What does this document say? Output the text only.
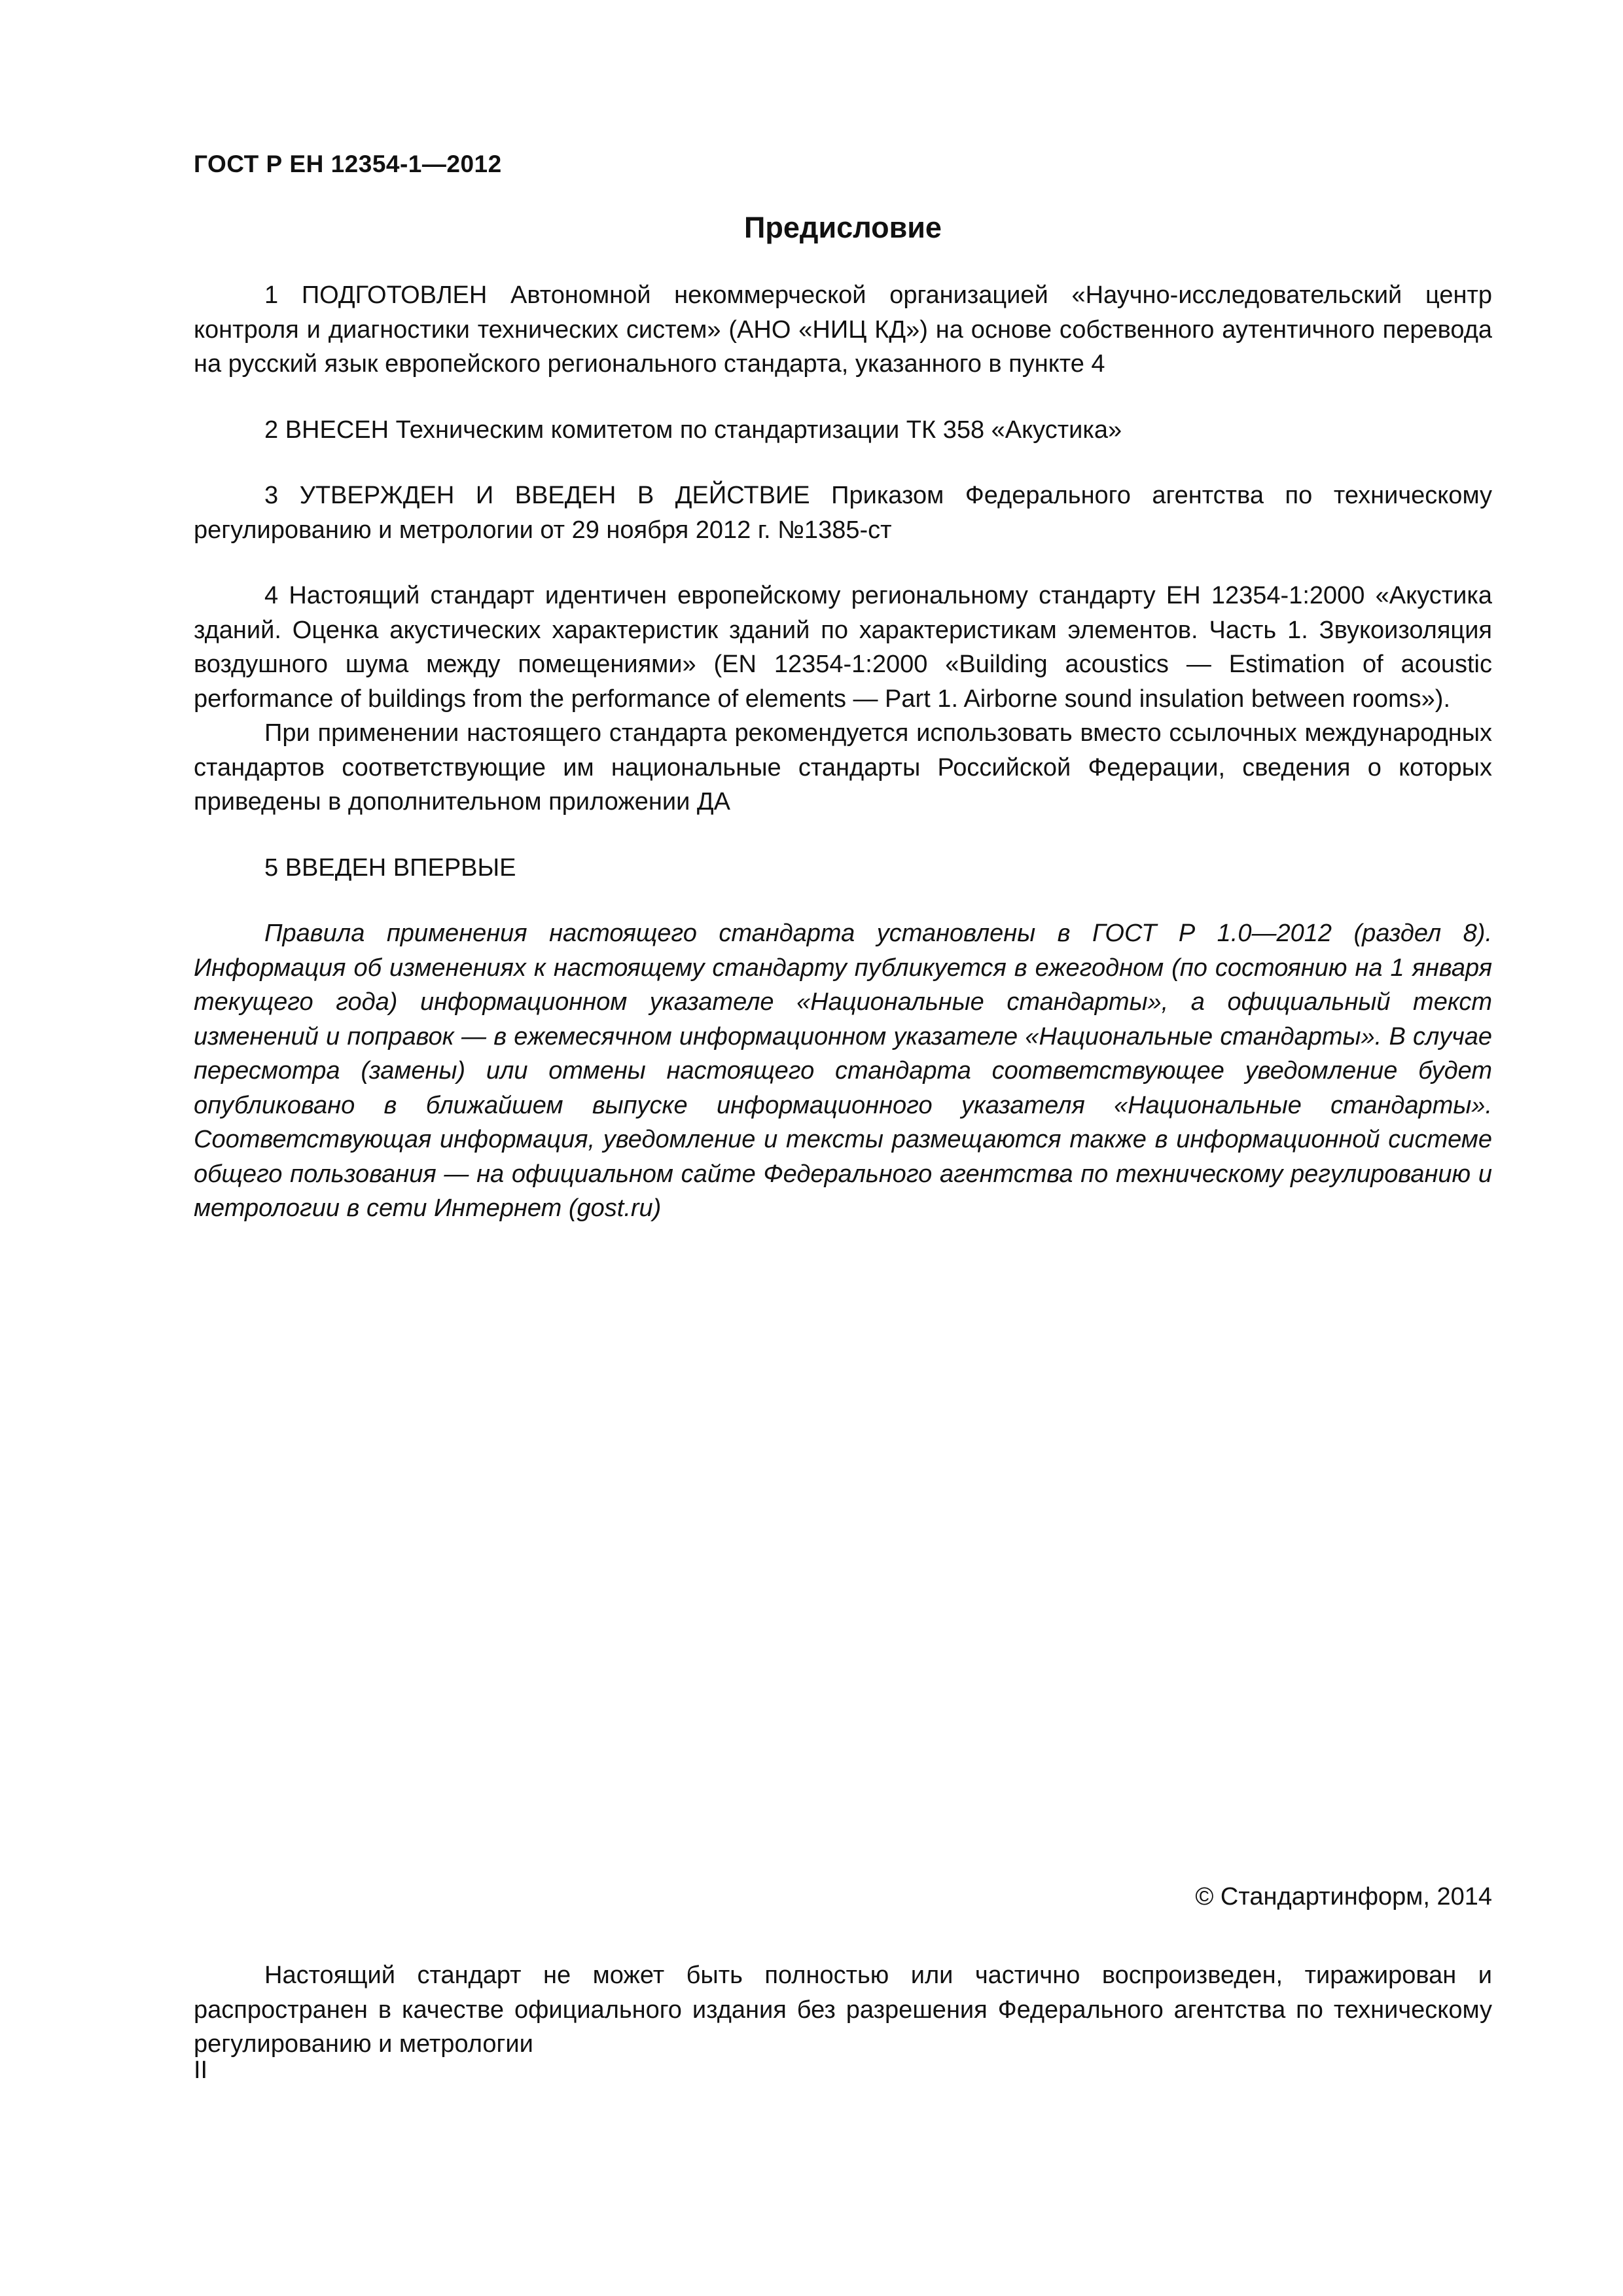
ГОСТ Р ЕН 12354-1—2012
Предисловие

1 ПОДГОТОВЛЕН Автономной некоммерческой организацией «Научно-исследовательский центр контроля и диагностики технических систем» (АНО «НИЦ КД») на основе собственного аутентичного перевода на русский язык европейского регионального стандарта, указанного в пункте 4

2 ВНЕСЕН Техническим комитетом по стандартизации ТК 358 «Акустика»

3 УТВЕРЖДЕН И ВВЕДЕН В ДЕЙСТВИЕ Приказом Федерального агентства по техническому регулированию и метрологии от 29 ноября 2012 г. №1385-ст

4 Настоящий стандарт идентичен европейскому региональному стандарту ЕН 12354-1:2000 «Акустика зданий. Оценка акустических характеристик зданий по характеристикам элементов. Часть 1. Звукоизоляция воздушного шума между помещениями» (EN 12354-1:2000 «Building acoustics — Estimation of acoustic performance of buildings from the performance of elements — Part 1. Airborne sound insulation between rooms»).

При применении настоящего стандарта рекомендуется использовать вместо ссылочных международных стандартов соответствующие им национальные стандарты Российской Федерации, сведения о которых приведены в дополнительном приложении ДА

5 ВВЕДЕН ВПЕРВЫЕ

Правила применения настоящего стандарта установлены в ГОСТ Р 1.0—2012 (раздел 8). Информация об изменениях к настоящему стандарту публикуется в ежегодном (по состоянию на 1 января текущего года) информационном указателе «Национальные стандарты», а официальный текст изменений и поправок — в ежемесячном информационном указателе «Национальные стандарты». В случае пересмотра (замены) или отмены настоящего стандарта соответствующее уведомление будет опубликовано в ближайшем выпуске информационного указателя «Национальные стандарты». Соответствующая информация, уведомление и тексты размещаются также в информационной системе общего пользования — на официальном сайте Федерального агентства по техническому регулированию и метрологии в сети Интернет (gost.ru)

© Стандартинформ, 2014

Настоящий стандарт не может быть полностью или частично воспроизведен, тиражирован и распространен в качестве официального издания без разрешения Федерального агентства по техническому регулированию и метрологии

II
